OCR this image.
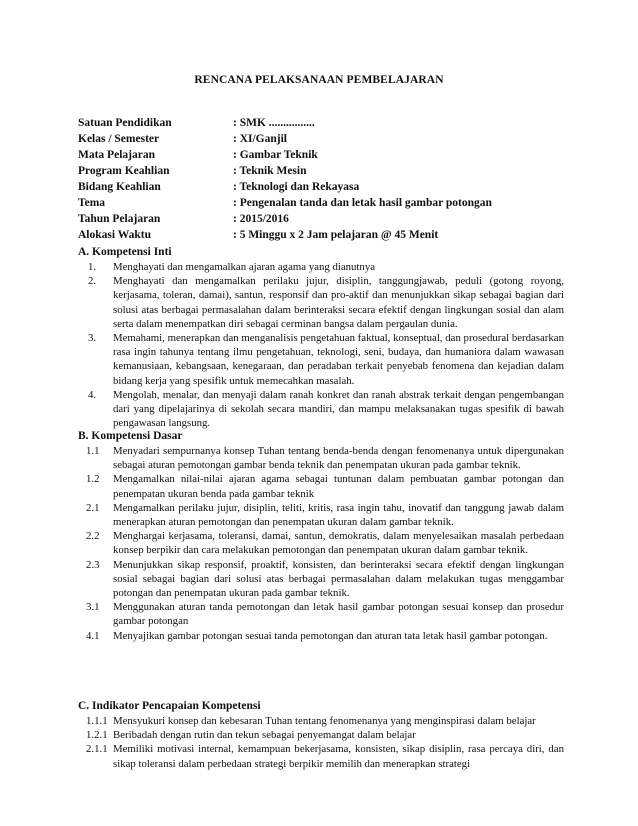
RENCANA PELAKSANAAN PEMBELAJARAN
Satuan Pendidikan	: SMK ................
Kelas / Semester	: XI/Ganjil
Mata Pelajaran	: Gambar Teknik
Program Keahlian	: Teknik Mesin
Bidang Keahlian	: Teknologi dan Rekayasa
Tema	: Pengenalan tanda dan letak hasil gambar potongan
Tahun Pelajaran	: 2015/2016
Alokasi Waktu	: 5 Minggu x 2 Jam pelajaran @ 45 Menit
A. Kompetensi Inti
1.	Menghayati dan mengamalkan ajaran agama yang dianutnya
2.	Menghayati dan mengamalkan perilaku jujur, disiplin, tanggungjawab, peduli (gotong royong, kerjasama, toleran, damai), santun, responsif dan pro-aktif dan menunjukkan sikap sebagai bagian dari solusi atas berbagai permasalahan dalam berinteraksi secara efektif dengan lingkungan sosial dan alam serta dalam menempatkan diri sebagai cerminan bangsa dalam pergaulan dunia.
3.	Memahami, menerapkan dan menganalisis pengetahuan faktual, konseptual, dan prosedural berdasarkan rasa ingin tahunya tentang ilmu pengetahuan, teknologi, seni, budaya, dan humaniora dalam wawasan kemanusiaan, kebangsaan, kenegaraan, dan peradaban terkait penyebab fenomena dan kejadian dalam bidang kerja yang spesifik untuk memecahkan masalah.
4.	Mengolah, menalar, dan menyaji dalam ranah konkret dan ranah abstrak terkait dengan pengembangan dari yang dipelajarinya di sekolah secara mandiri, dan mampu melaksanakan tugas spesifik di bawah pengawasan langsung.
B. Kompetensi Dasar
1.1	Menyadari sempurnanya konsep Tuhan tentang benda-benda dengan fenomenanya untuk dipergunakan sebagai aturan pemotongan gambar benda teknik dan penempatan ukuran pada gambar teknik.
1.2	Mengamalkan nilai-nilai ajaran agama sebagai tuntunan dalam pembuatan gambar potongan dan penempatan ukuran benda pada gambar teknik
2.1	Mengamalkan perilaku jujur, disiplin, teliti, kritis, rasa ingin tahu, inovatif dan tanggung jawab dalam menerapkan aturan pemotongan dan penempatan ukuran dalam gambar teknik.
2.2	Menghargai kerjasama, toleransi, damai, santun, demokratis, dalam menyelesaikan masalah perbedaan konsep berpikir dan cara melakukan pemotongan dan penempatan ukuran dalam gambar teknik.
2.3	Menunjukkan sikap responsif, proaktif, konsisten, dan berinteraksi secara efektif dengan lingkungan sosial sebagai bagian dari solusi atas berbagai permasalahan dalam melakukan tugas menggambar potongan dan penempatan ukuran pada gambar teknik.
3.1	Menggunakan aturan tanda pemotongan dan letak hasil gambar potongan sesuai konsep dan prosedur gambar potongan
4.1	Menyajikan gambar potongan sesuai tanda pemotongan dan aturan tata letak hasil gambar potongan.
C. Indikator Pencapaian Kompetensi
1.1.1 Mensyukuri konsep dan kebesaran Tuhan tentang fenomenanya yang menginspirasi dalam belajar
1.2.1 Beribadah dengan rutin dan tekun sebagai penyemangat dalam belajar
2.1.1 Memiliki motivasi internal, kemampuan bekerjasama, konsisten, sikap disiplin, rasa percaya diri, dan sikap toleransi dalam perbedaan strategi berpikir memilih dan menerapkan strategi
